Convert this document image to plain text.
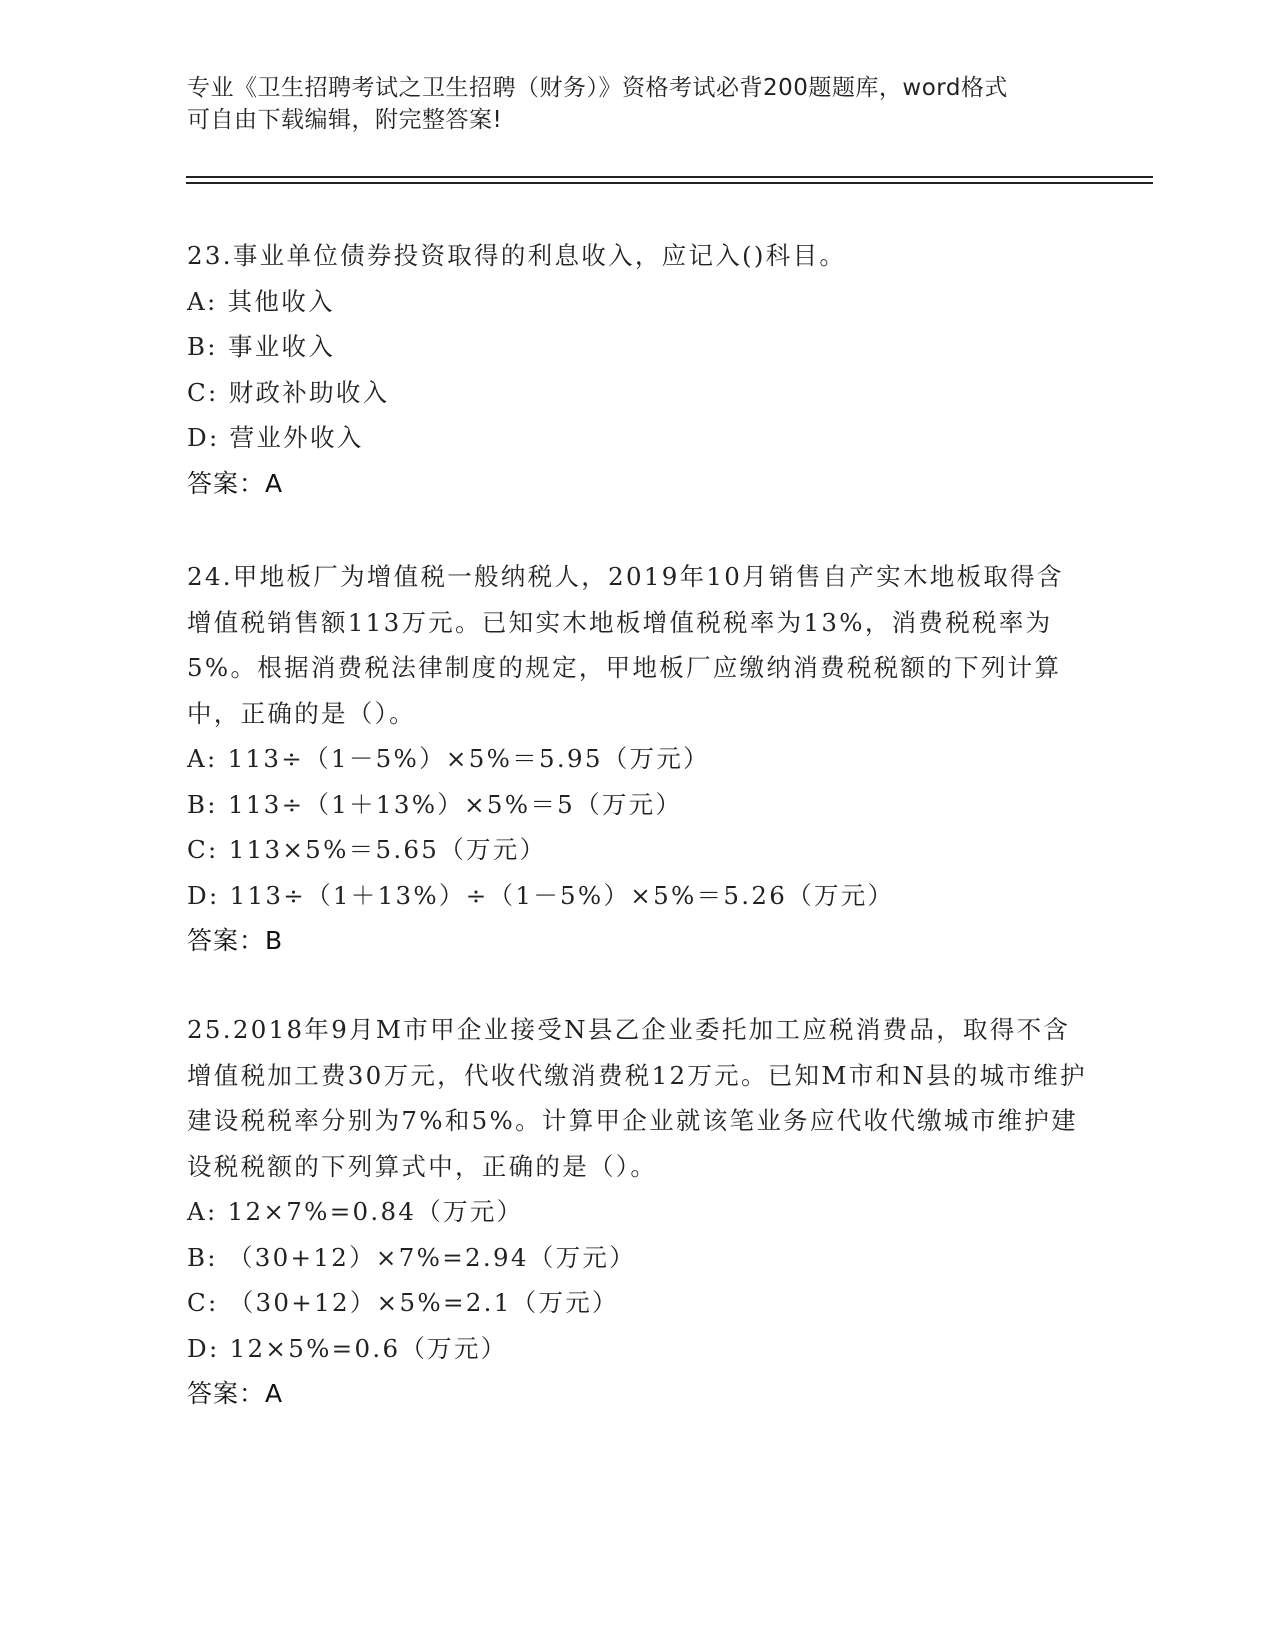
专业《卫生招聘考试之卫生招聘（财务）》资格考试必背200题题库，word格式
可自由下载编辑，附完整答案!
23.事业单位债券投资取得的利息收入，应记入()科目。
A: 其他收入
B: 事业收入
C: 财政补助收入
D: 营业外收入
答案：A
24.甲地板厂为增值税一般纳税人，2019年10月销售自产实木地板取得含增值税销售额113万元。已知实木地板增值税税率为13%，消费税税率为5%。根据消费税法律制度的规定，甲地板厂应缴纳消费税税额的下列计算中，正确的是（）。
A: 113÷（1－5%）×5%＝5.95（万元）
B: 113÷（1＋13%）×5%＝5（万元）
C: 113×5%＝5.65（万元）
D: 113÷（1＋13%）÷（1－5%）×5%＝5.26（万元）
答案：B
25.2018年9月M市甲企业接受N县乙企业委托加工应税消费品，取得不含增值税加工费30万元，代收代缴消费税12万元。已知M市和N县的城市维护建设税税率分别为7%和5%。计算甲企业就该笔业务应代收代缴城市维护建设税税额的下列算式中，正确的是（）。
A: 12×7%=0.84（万元）
B: （30+12）×7%=2.94（万元）
C: （30+12）×5%=2.1（万元）
D: 12×5%=0.6（万元）
答案：A
